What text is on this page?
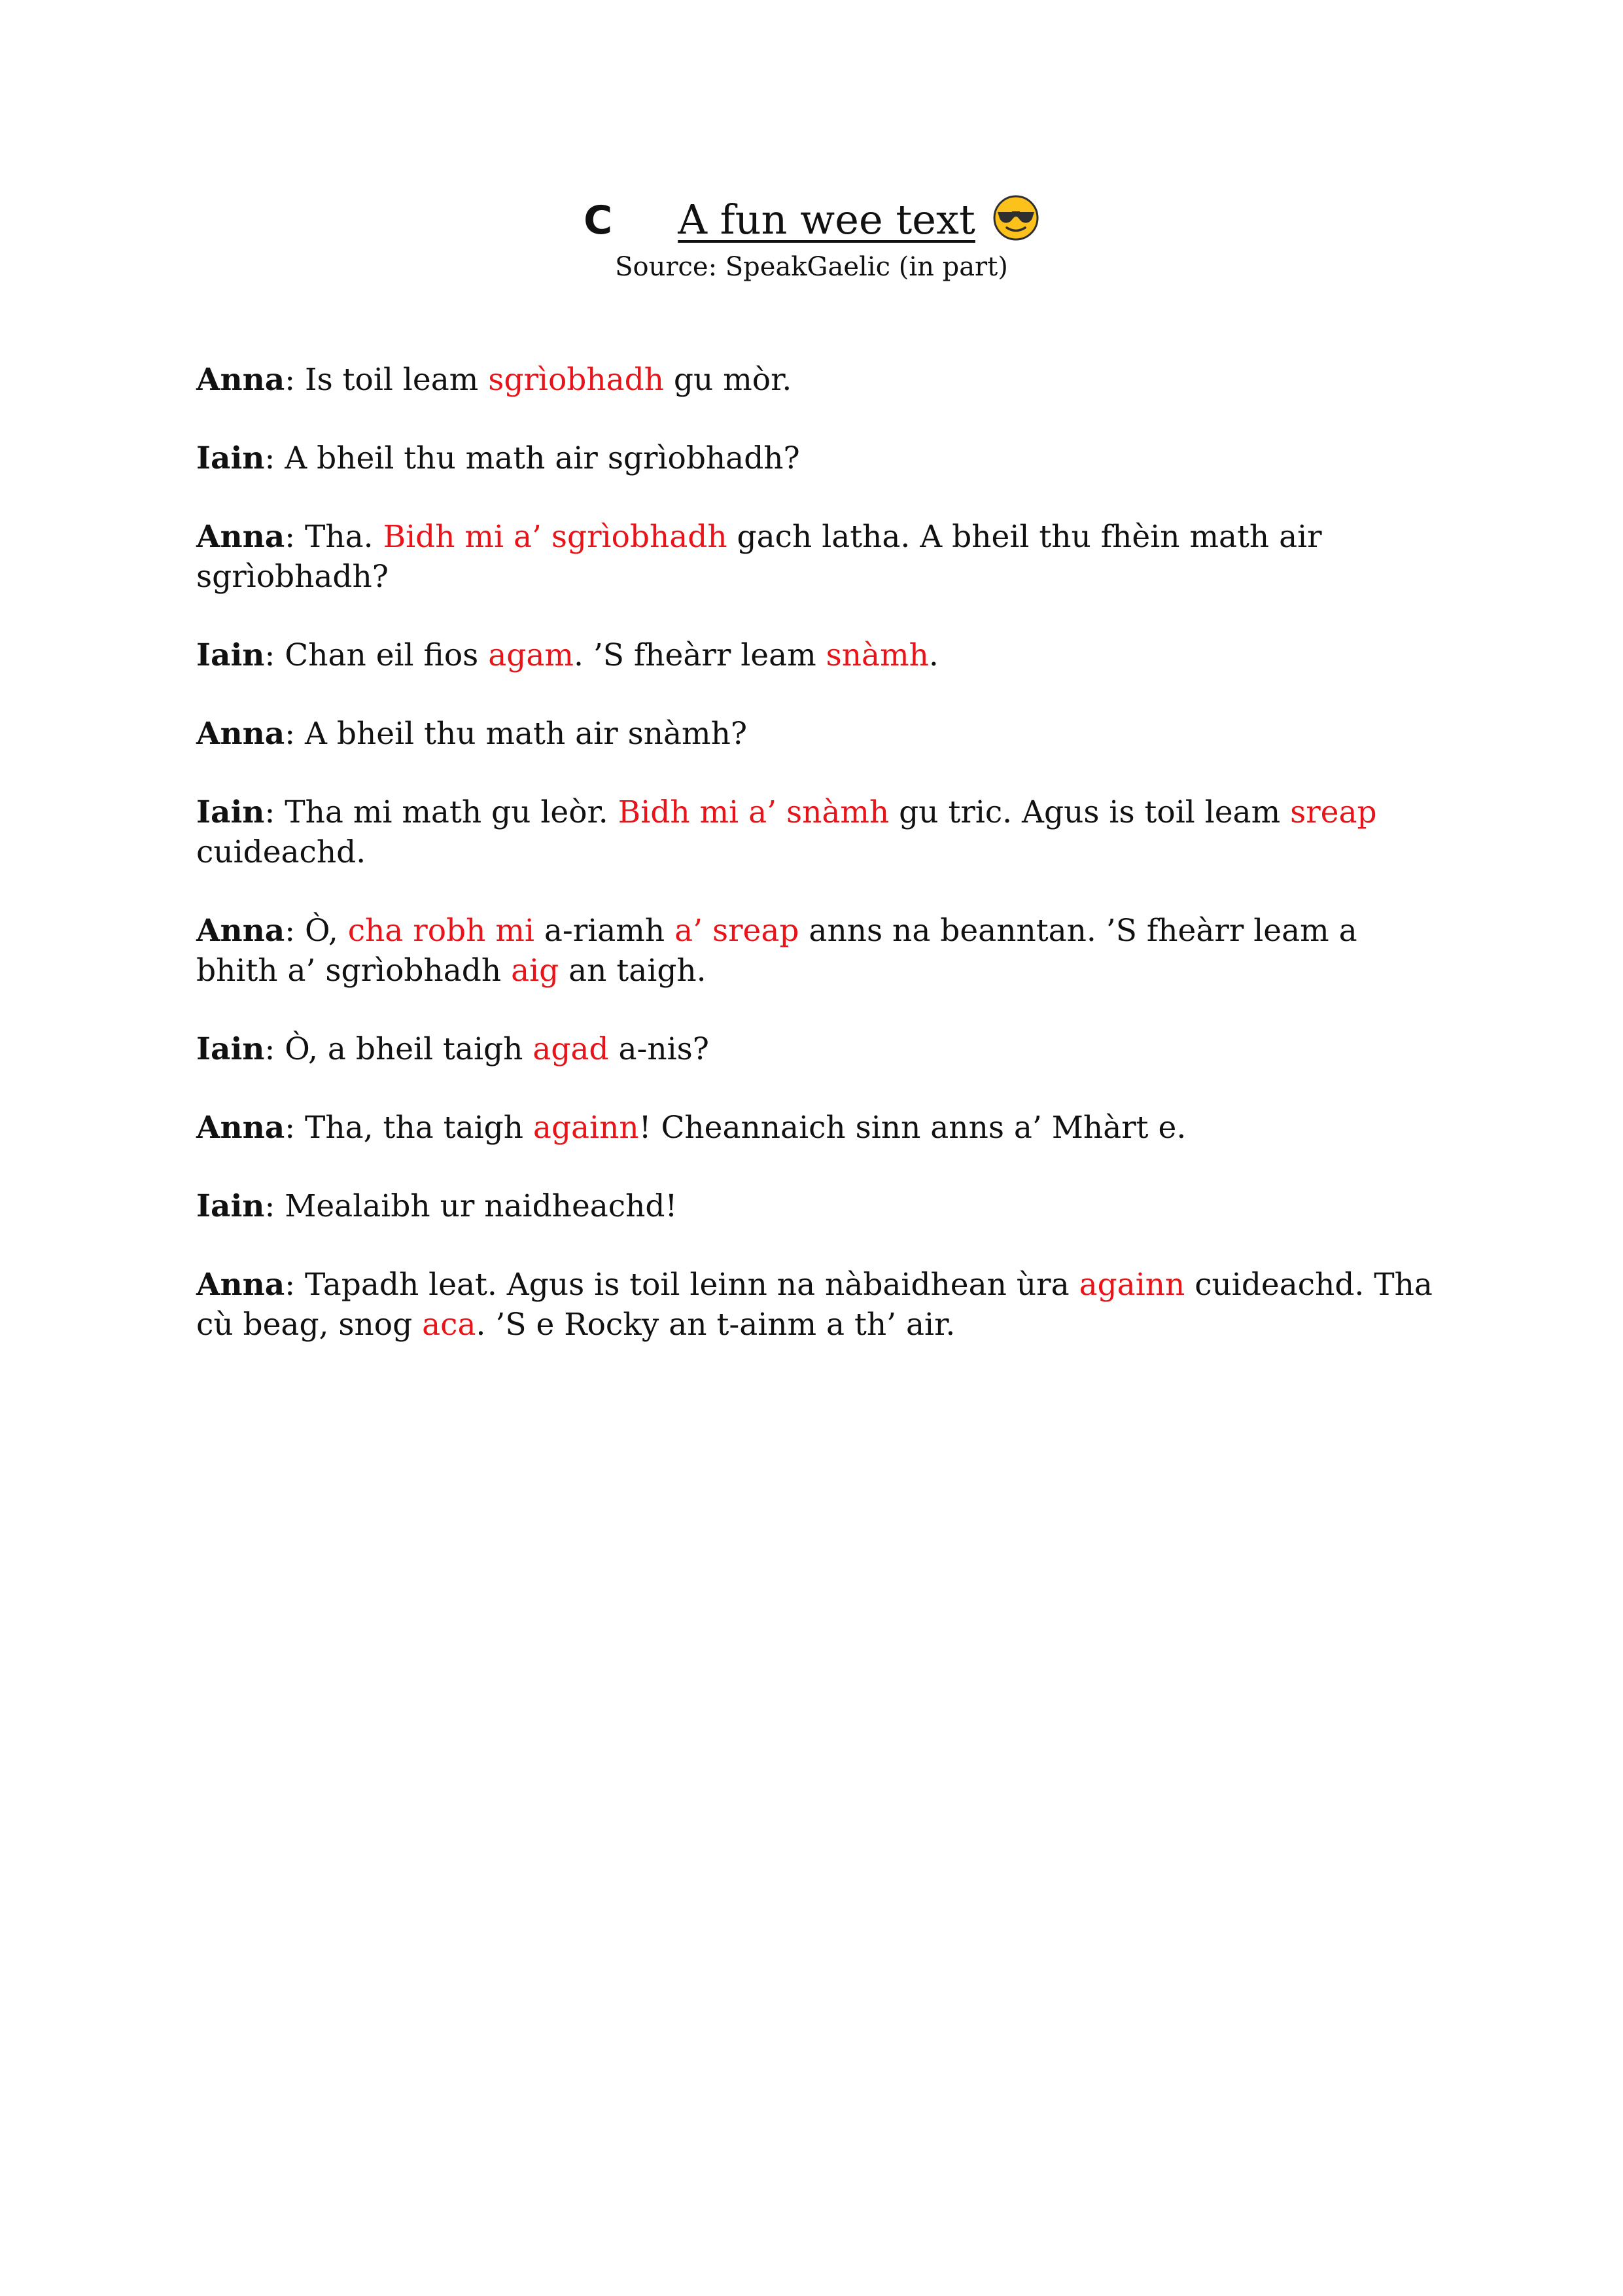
C A fun wee text
Source: SpeakGaelic (in part)

Anna: Is toil leam sgrìobhadh gu mòr.

Iain: A bheil thu math air sgrìobhadh?

Anna: Tha. Bidh mi a’ sgrìobhadh gach latha. A bheil thu fhèin math air sgrìobhadh?

Iain: Chan eil fios agam. ’S fheàrr leam snàmh.

Anna: A bheil thu math air snàmh?

Iain: Tha mi math gu leòr. Bidh mi a’ snàmh gu tric. Agus is toil leam sreap cuideachd.

Anna: Ò, cha robh mi a-riamh a’ sreap anns na beanntan. ’S fheàrr leam a bhith a’ sgrìobhadh aig an taigh.

Iain: Ò, a bheil taigh agad a-nis?

Anna: Tha, tha taigh againn! Cheannaich sinn anns a’ Mhàrt e.

Iain: Mealaibh ur naidheachd!

Anna: Tapadh leat. Agus is toil leinn na nàbaidhean ùra againn cuideachd. Tha cù beag, snog aca. ’S e Rocky an t-ainm a th’ air.
